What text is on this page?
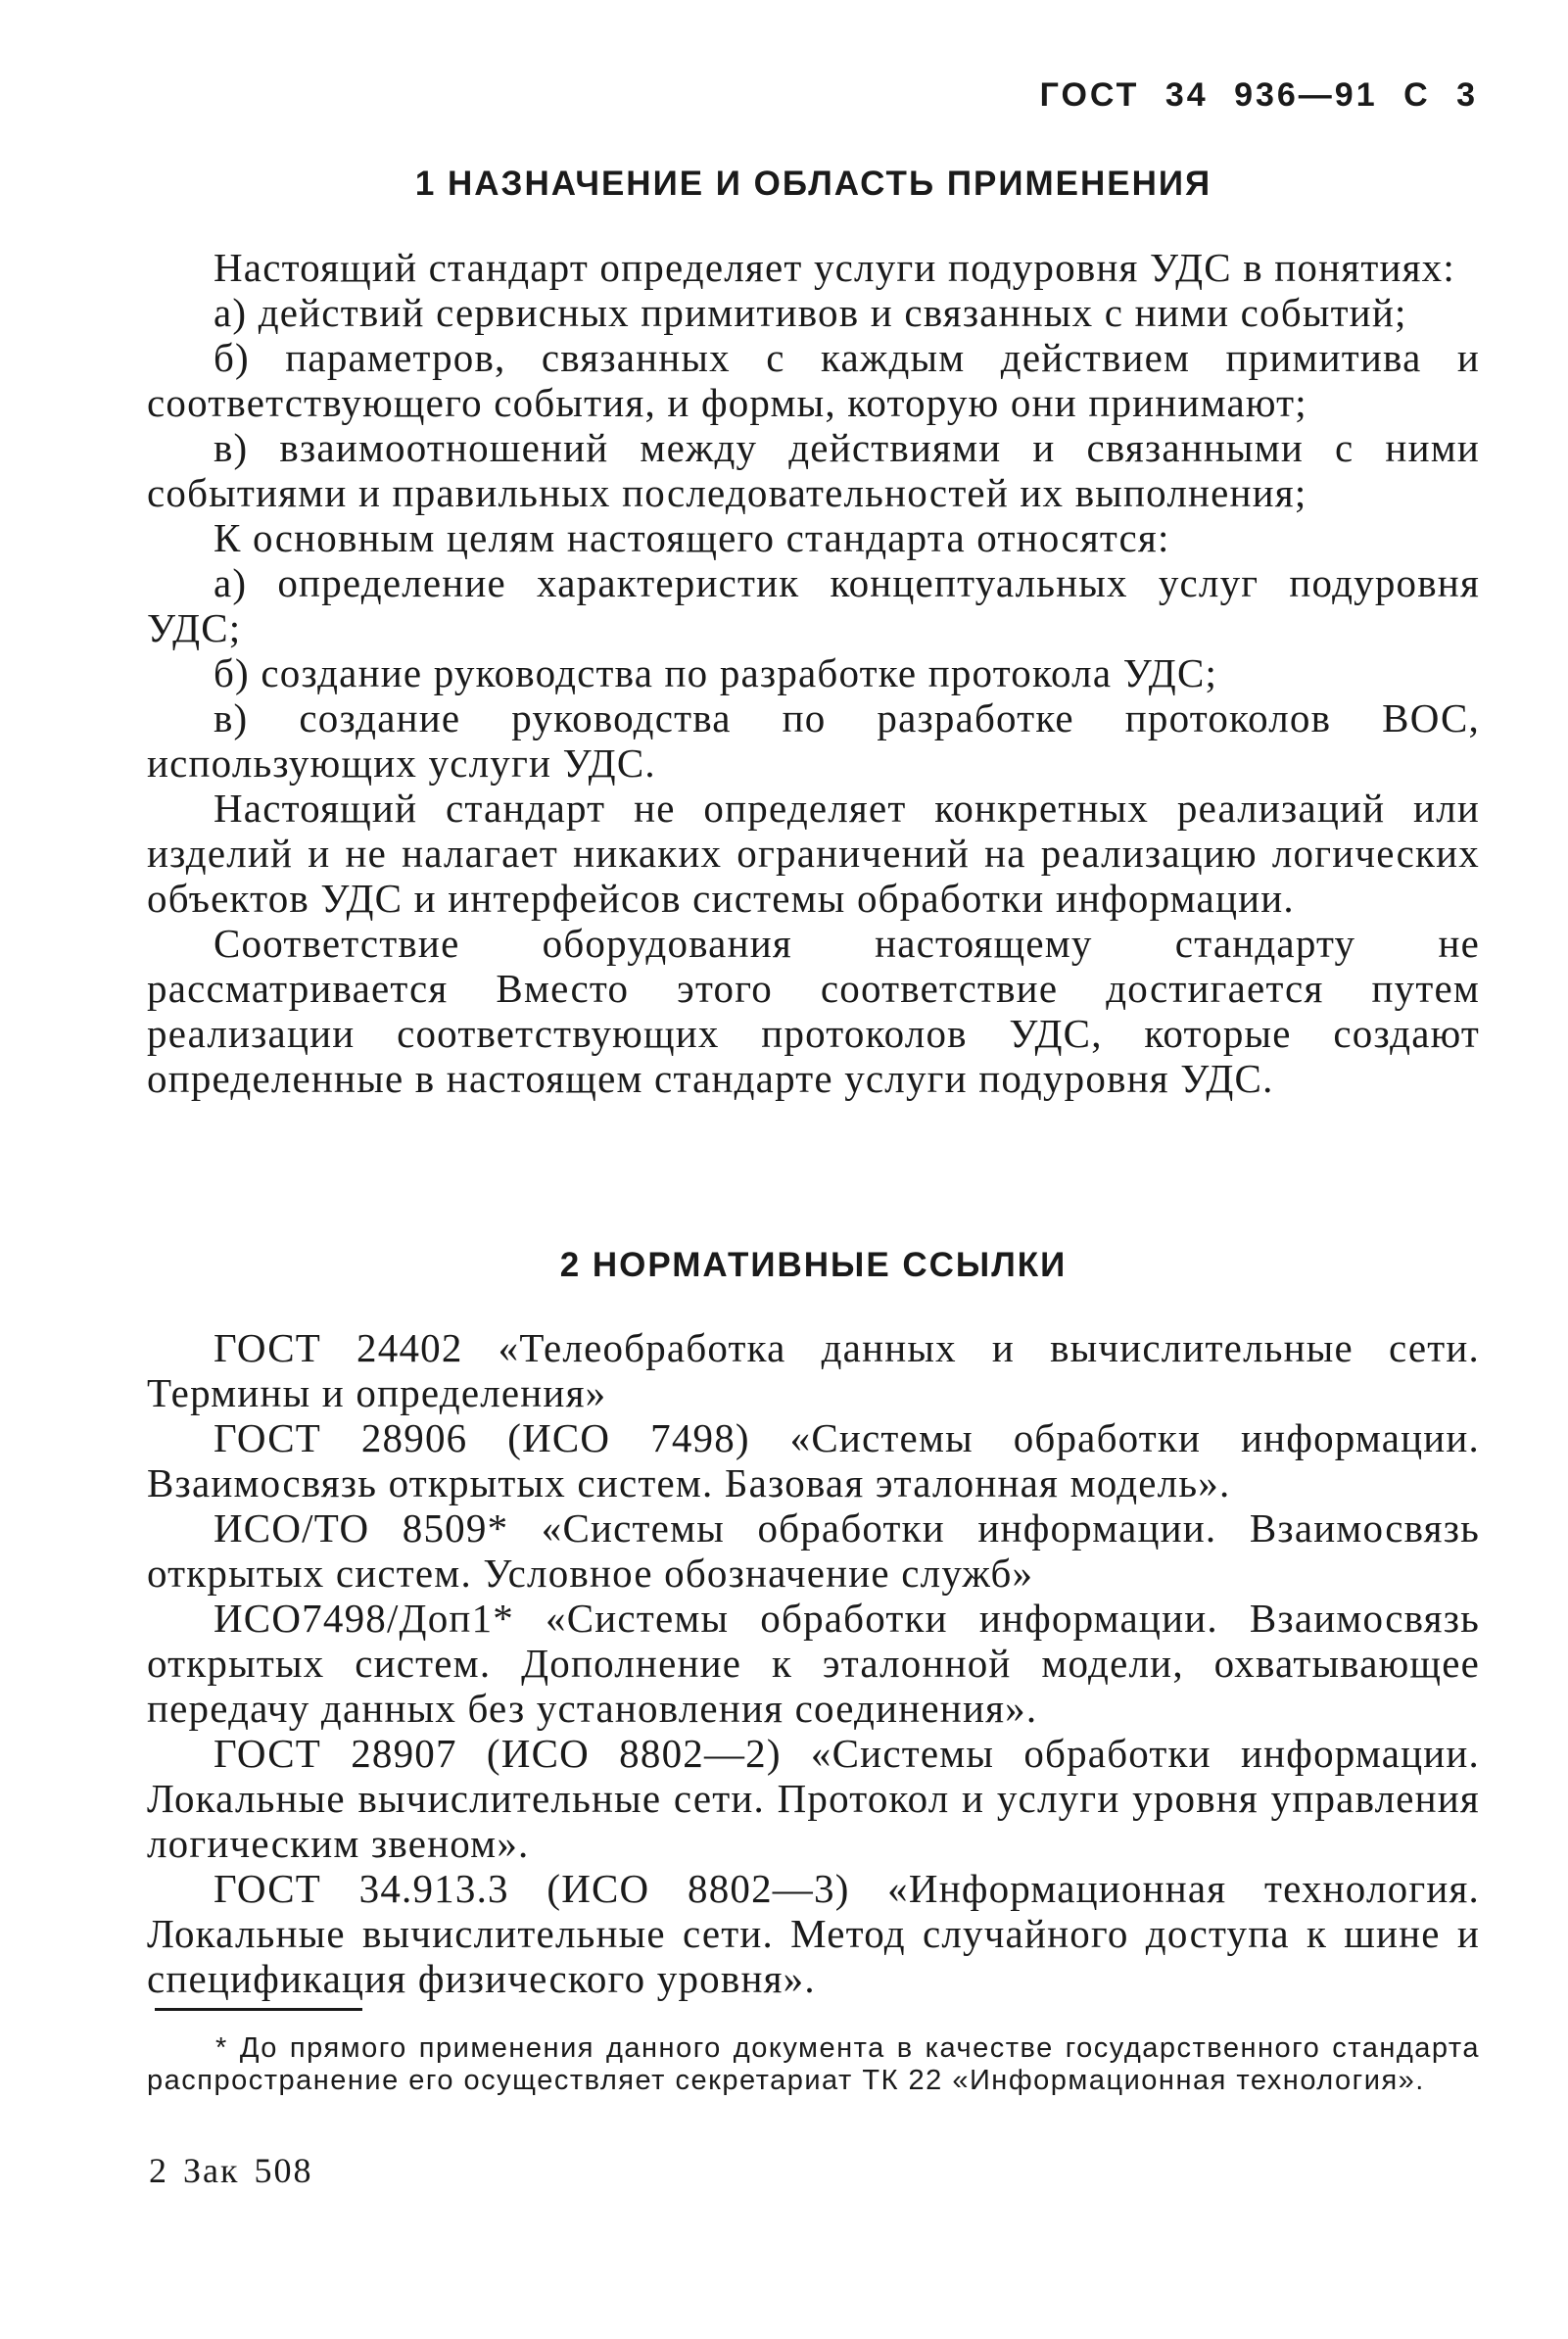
ГОСТ 34 936—91 С 3
1 НАЗНАЧЕНИЕ И ОБЛАСТЬ ПРИМЕНЕНИЯ

Настоящий стандарт определяет услуги подуровня УДС в понятиях:

а) действий сервисных примитивов и связанных с ними событий;

б) параметров, связанных с каждым действием примитива и соответствующего события, и формы, которую они принимают;

в) взаимоотношений между действиями и связанными с ними событиями и правильных последовательностей их выполнения;

К основным целям настоящего стандарта относятся:

а) определение характеристик концептуальных услуг подуровня УДС;

б) создание руководства по разработке протокола УДС;

в) создание руководства по разработке протоколов ВОС, использующих услуги УДС.

Настоящий стандарт не определяет конкретных реализаций или изделий и не налагает никаких ограничений на реализацию логических объектов УДС и интерфейсов системы обработки информации.

Соответствие оборудования настоящему стандарту не рассматривается Вместо этого соответствие достигается путем реализации соответствующих протоколов УДС, которые создают определенные в настоящем стандарте услуги подуровня УДС.

2 НОРМАТИВНЫЕ ССЫЛКИ

ГОСТ 24402 «Телеобработка данных и вычислительные сети. Термины и определения»

ГОСТ 28906 (ИСО 7498) «Системы обработки информации. Взаимосвязь открытых систем. Базовая эталонная модель».

ИСО/ТО 8509* «Системы обработки информации. Взаимосвязь открытых систем. Условное обозначение служб»

ИСО7498/Доп1* «Системы обработки информации. Взаимосвязь открытых систем. Дополнение к эталонной модели, охватывающее передачу данных без установления соединения».

ГОСТ 28907 (ИСО 8802—2) «Системы обработки информации. Локальные вычислительные сети. Протокол и услуги уровня управления логическим звеном».

ГОСТ 34.913.3 (ИСО 8802—3) «Информационная технология. Локальные вычислительные сети. Метод случайного доступа к шине и спецификация физического уровня».

* До прямого применения данного документа в качестве государственного стандарта распространение его осуществляет секретариат ТК 22 «Информационная технология».

2 Зак 508
